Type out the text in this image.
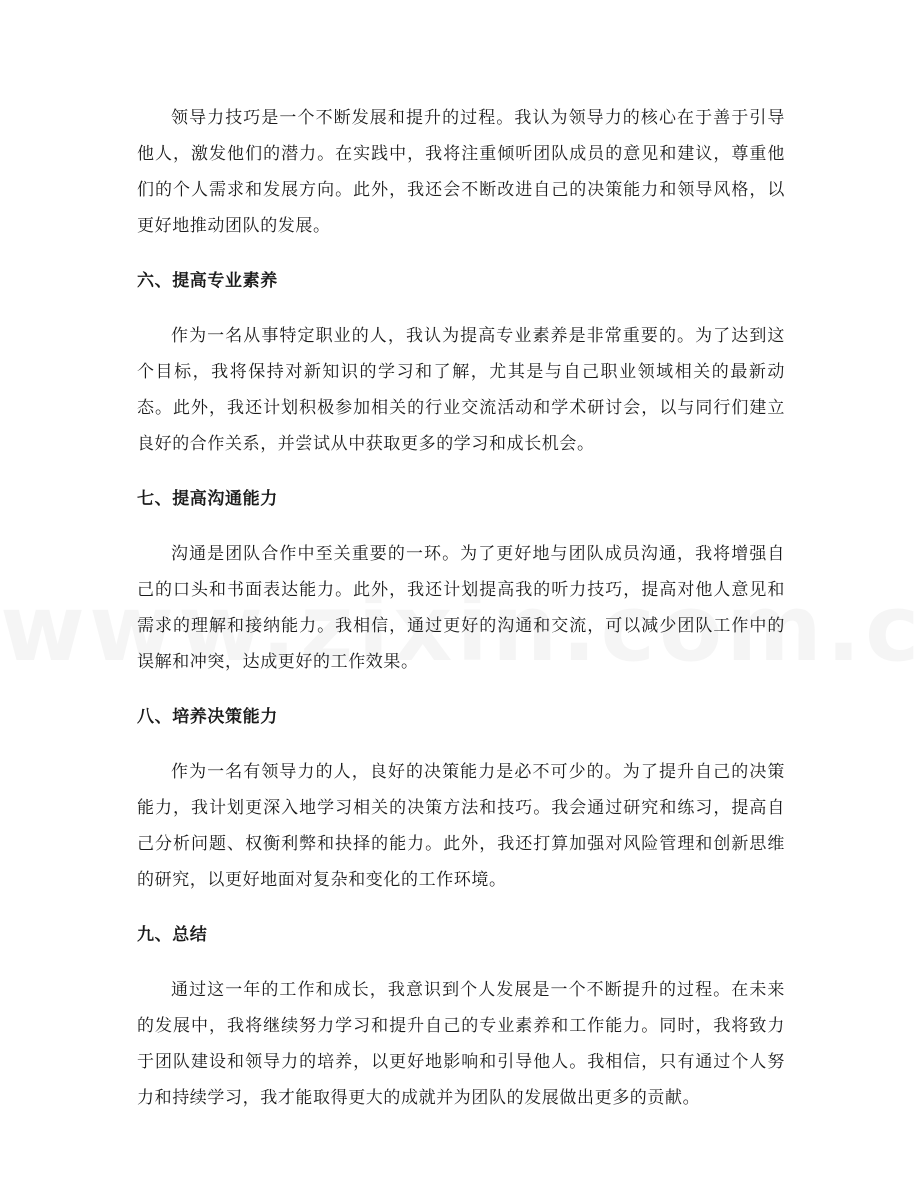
领导力技巧是一个不断发展和提升的过程。我认为领导力的核心在于善于引导他人，激发他们的潜力。在实践中，我将注重倾听团队成员的意见和建议，尊重他们的个人需求和发展方向。此外，我还会不断改进自己的决策能力和领导风格，以更好地推动团队的发展。

六、提高专业素养

作为一名从事特定职业的人，我认为提高专业素养是非常重要的。为了达到这个目标，我将保持对新知识的学习和了解，尤其是与自己职业领域相关的最新动态。此外，我还计划积极参加相关的行业交流活动和学术研讨会，以与同行们建立良好的合作关系，并尝试从中获取更多的学习和成长机会。

七、提高沟通能力

沟通是团队合作中至关重要的一环。为了更好地与团队成员沟通，我将增强自己的口头和书面表达能力。此外，我还计划提高我的听力技巧，提高对他人意见和需求的理解和接纳能力。我相信，通过更好的沟通和交流，可以减少团队工作中的误解和冲突，达成更好的工作效果。

八、培养决策能力

作为一名有领导力的人，良好的决策能力是必不可少的。为了提升自己的决策能力，我计划更深入地学习相关的决策方法和技巧。我会通过研究和练习，提高自己分析问题、权衡利弊和抉择的能力。此外，我还打算加强对风险管理和创新思维的研究，以更好地面对复杂和变化的工作环境。

九、总结

通过这一年的工作和成长，我意识到个人发展是一个不断提升的过程。在未来的发展中，我将继续努力学习和提升自己的专业素养和工作能力。同时，我将致力于团队建设和领导力的培养，以更好地影响和引导他人。我相信，只有通过个人努力和持续学习，我才能取得更大的成就并为团队的发展做出更多的贡献。
